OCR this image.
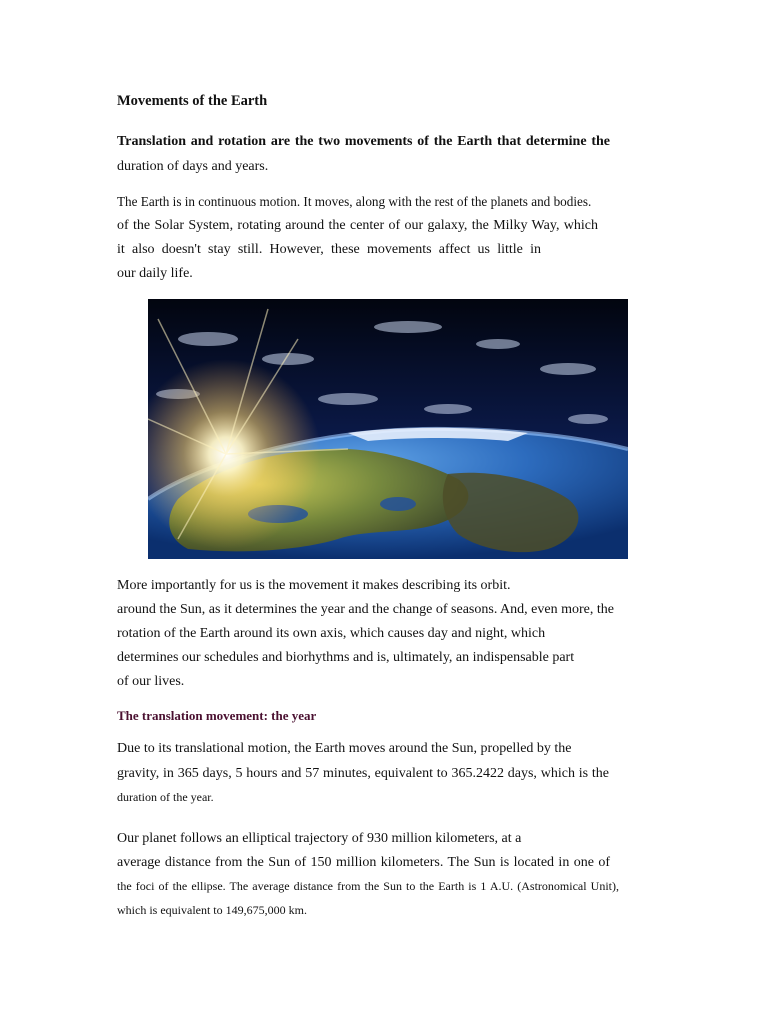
Movements of the Earth
Translation and rotation are the two movements of the Earth that determine the
duration of days and years.
The Earth is in continuous motion. It moves, along with the rest of the planets and bodies.
of the Solar System, rotating around the center of our galaxy, the Milky Way, which
it also doesn't stay still. However, these movements affect us little in
our daily life.
More importantly for us is the movement it makes describing its orbit.
around the Sun, as it determines the year and the change of seasons. And, even more, the
rotation of the Earth around its own axis, which causes day and night, which
determines our schedules and biorhythms and is, ultimately, an indispensable part
of our lives.
The translation movement: the year
Due to its translational motion, the Earth moves around the Sun, propelled by the
gravity, in 365 days, 5 hours and 57 minutes, equivalent to 365.2422 days, which is the
duration of the year.
Our planet follows an elliptical trajectory of 930 million kilometers, at a
average distance from the Sun of 150 million kilometers. The Sun is located in one of
the foci of the ellipse. The average distance from the Sun to the Earth is 1 A.U. (Astronomical Unit),
which is equivalent to 149,675,000 km.
